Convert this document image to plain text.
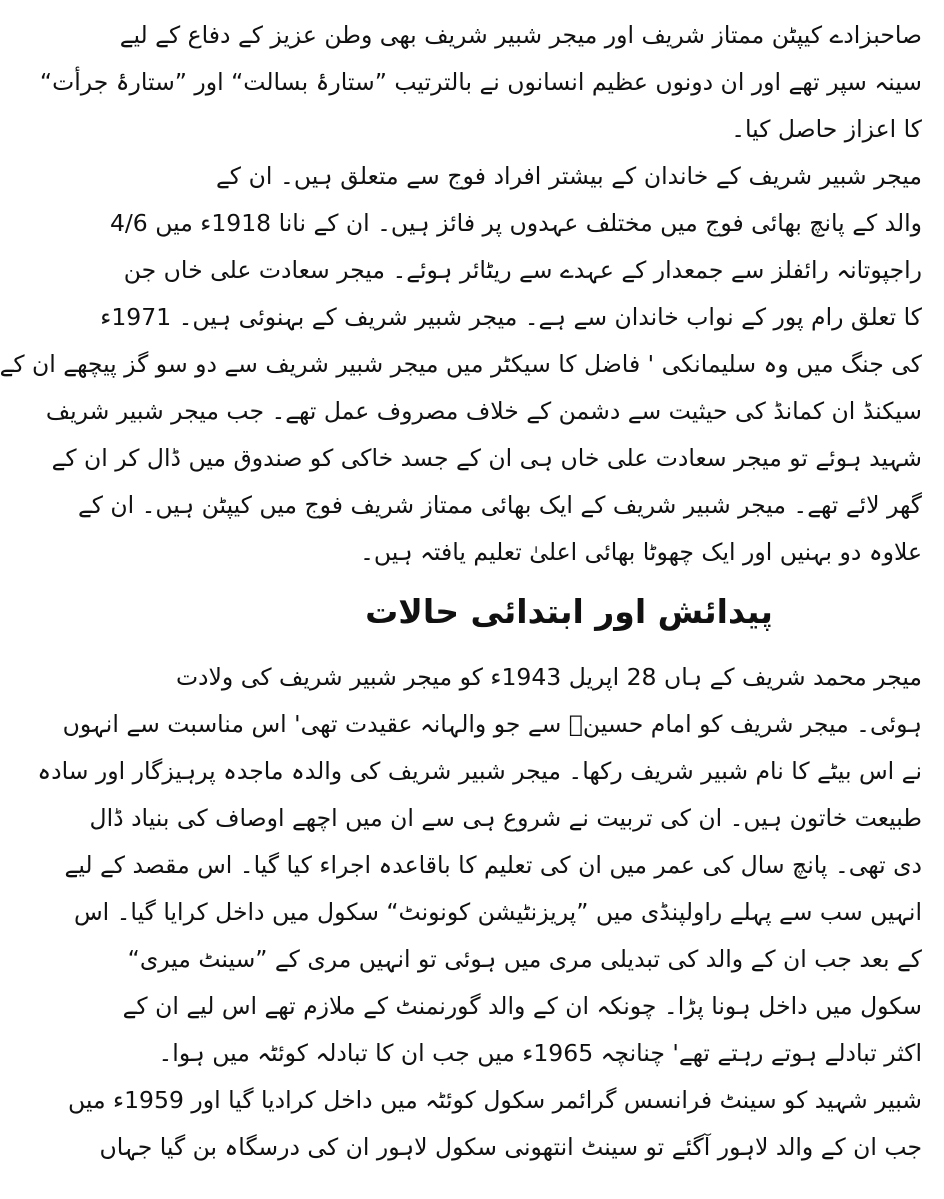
صاحبزادے کیپٹن ممتاز شریف اور میجر شبیر شریف بھی وطن عزیز کے دفاع کے لیے
سینہ سپر تھے اور ان دونوں عظیم انسانوں نے بالترتیب ”ستارۂ بسالت“ اور ”ستارۂ جرأت“
کا اعزاز حاصل کیا۔
میجر شبیر شریف کے خاندان کے بیشتر افراد فوج سے متعلق ہیں۔ ان کے
والد کے پانچ بھائی فوج میں مختلف عہدوں پر فائز ہیں۔ ان کے نانا 1918ء میں 4/6
راجپوتانہ رائفلز سے جمعدار کے عہدے سے ریٹائر ہوئے۔ میجر سعادت علی خاں جن
کا تعلق رام پور کے نواب خاندان سے ہے۔ میجر شبیر شریف کے بہنوئی ہیں۔ 1971ء
کی جنگ میں وہ سلیمانکی ' فاضل کا سیکٹر میں میجر شبیر شریف سے دو سو گز پیچھے ان کے
سیکنڈ ان کمانڈ کی حیثیت سے دشمن کے خلاف مصروف عمل تھے۔ جب میجر شبیر شریف
شہید ہوئے تو میجر سعادت علی خاں ہی ان کے جسد خاکی کو صندوق میں ڈال کر ان کے
گھر لائے تھے۔ میجر شبیر شریف کے ایک بھائی ممتاز شریف فوج میں کیپٹن ہیں۔ ان کے
علاوہ دو بہنیں اور ایک چھوٹا بھائی اعلیٰ تعلیم یافتہ ہیں۔
پیدائش اور ابتدائی حالات
میجر محمد شریف کے ہاں 28 اپریل 1943ء کو میجر شبیر شریف کی ولادت
ہوئی۔ میجر شریف کو امام حسینؓ سے جو والہانہ عقیدت تھی' اس مناسبت سے انہوں
نے اس بیٹے کا نام شبیر شریف رکھا۔ میجر شبیر شریف کی والدہ ماجدہ پرہیزگار اور سادہ
طبیعت خاتون ہیں۔ ان کی تربیت نے شروع ہی سے ان میں اچھے اوصاف کی بنیاد ڈال
دی تھی۔ پانچ سال کی عمر میں ان کی تعلیم کا باقاعدہ اجراء کیا گیا۔ اس مقصد کے لیے
انہیں سب سے پہلے راولپنڈی میں ”پریزنٹیشن کونونٹ“ سکول میں داخل کرایا گیا۔ اس
کے بعد جب ان کے والد کی تبدیلی مری میں ہوئی تو انہیں مری کے ”سینٹ میری“
سکول میں داخل ہونا پڑا۔ چونکہ ان کے والد گورنمنٹ کے ملازم تھے اس لیے ان کے
اکثر تبادلے ہوتے رہتے تھے' چنانچہ 1965ء میں جب ان کا تبادلہ کوئٹہ میں ہوا۔
شبیر شہید کو سینٹ فرانسس گرائمر سکول کوئٹہ میں داخل کرادیا گیا اور 1959ء میں
جب ان کے والد لاہور آگئے تو سینٹ انتھونی سکول لاہور ان کی درسگاہ بن گیا جہاں
